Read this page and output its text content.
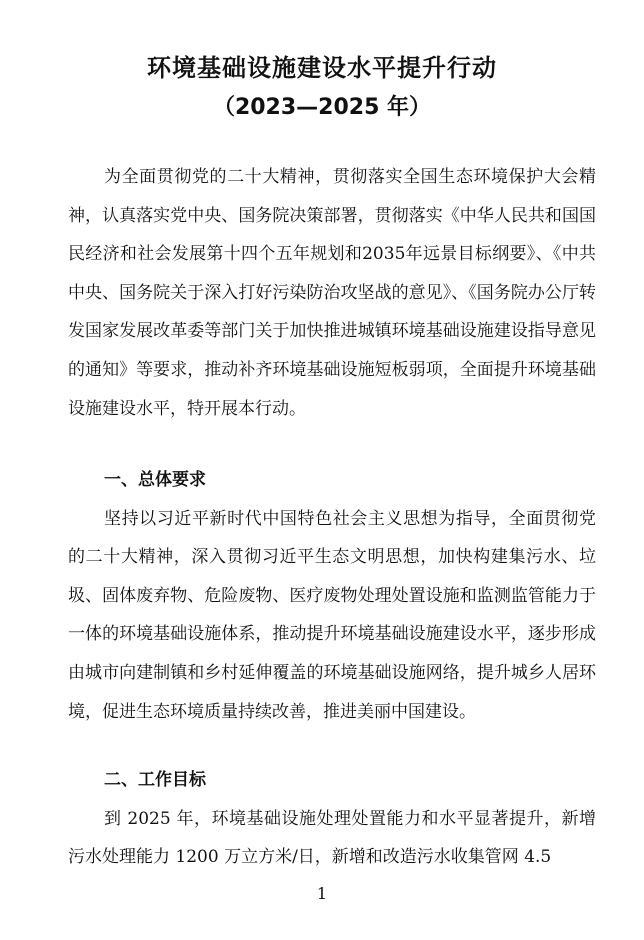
环境基础设施建设水平提升行动
（2023—2025 年）

为全面贯彻党的二十大精神，贯彻落实全国生态环境保护大会精神，认真落实党中央、国务院决策部署，贯彻落实《中华人民共和国国民经济和社会发展第十四个五年规划和2035年远景目标纲要》、《中共中央、国务院关于深入打好污染防治攻坚战的意见》、《国务院办公厅转发国家发展改革委等部门关于加快推进城镇环境基础设施建设指导意见的通知》等要求，推动补齐环境基础设施短板弱项，全面提升环境基础设施建设水平，特开展本行动。

一、总体要求

坚持以习近平新时代中国特色社会主义思想为指导，全面贯彻党的二十大精神，深入贯彻习近平生态文明思想，加快构建集污水、垃圾、固体废弃物、危险废物、医疗废物处理处置设施和监测监管能力于一体的环境基础设施体系，推动提升环境基础设施建设水平，逐步形成由城市向建制镇和乡村延伸覆盖的环境基础设施网络，提升城乡人居环境，促进生态环境质量持续改善，推进美丽中国建设。

二、工作目标

到 2025 年，环境基础设施处理处置能力和水平显著提升，新增污水处理能力 1200 万立方米/日，新增和改造污水收集管网 4.5

1
